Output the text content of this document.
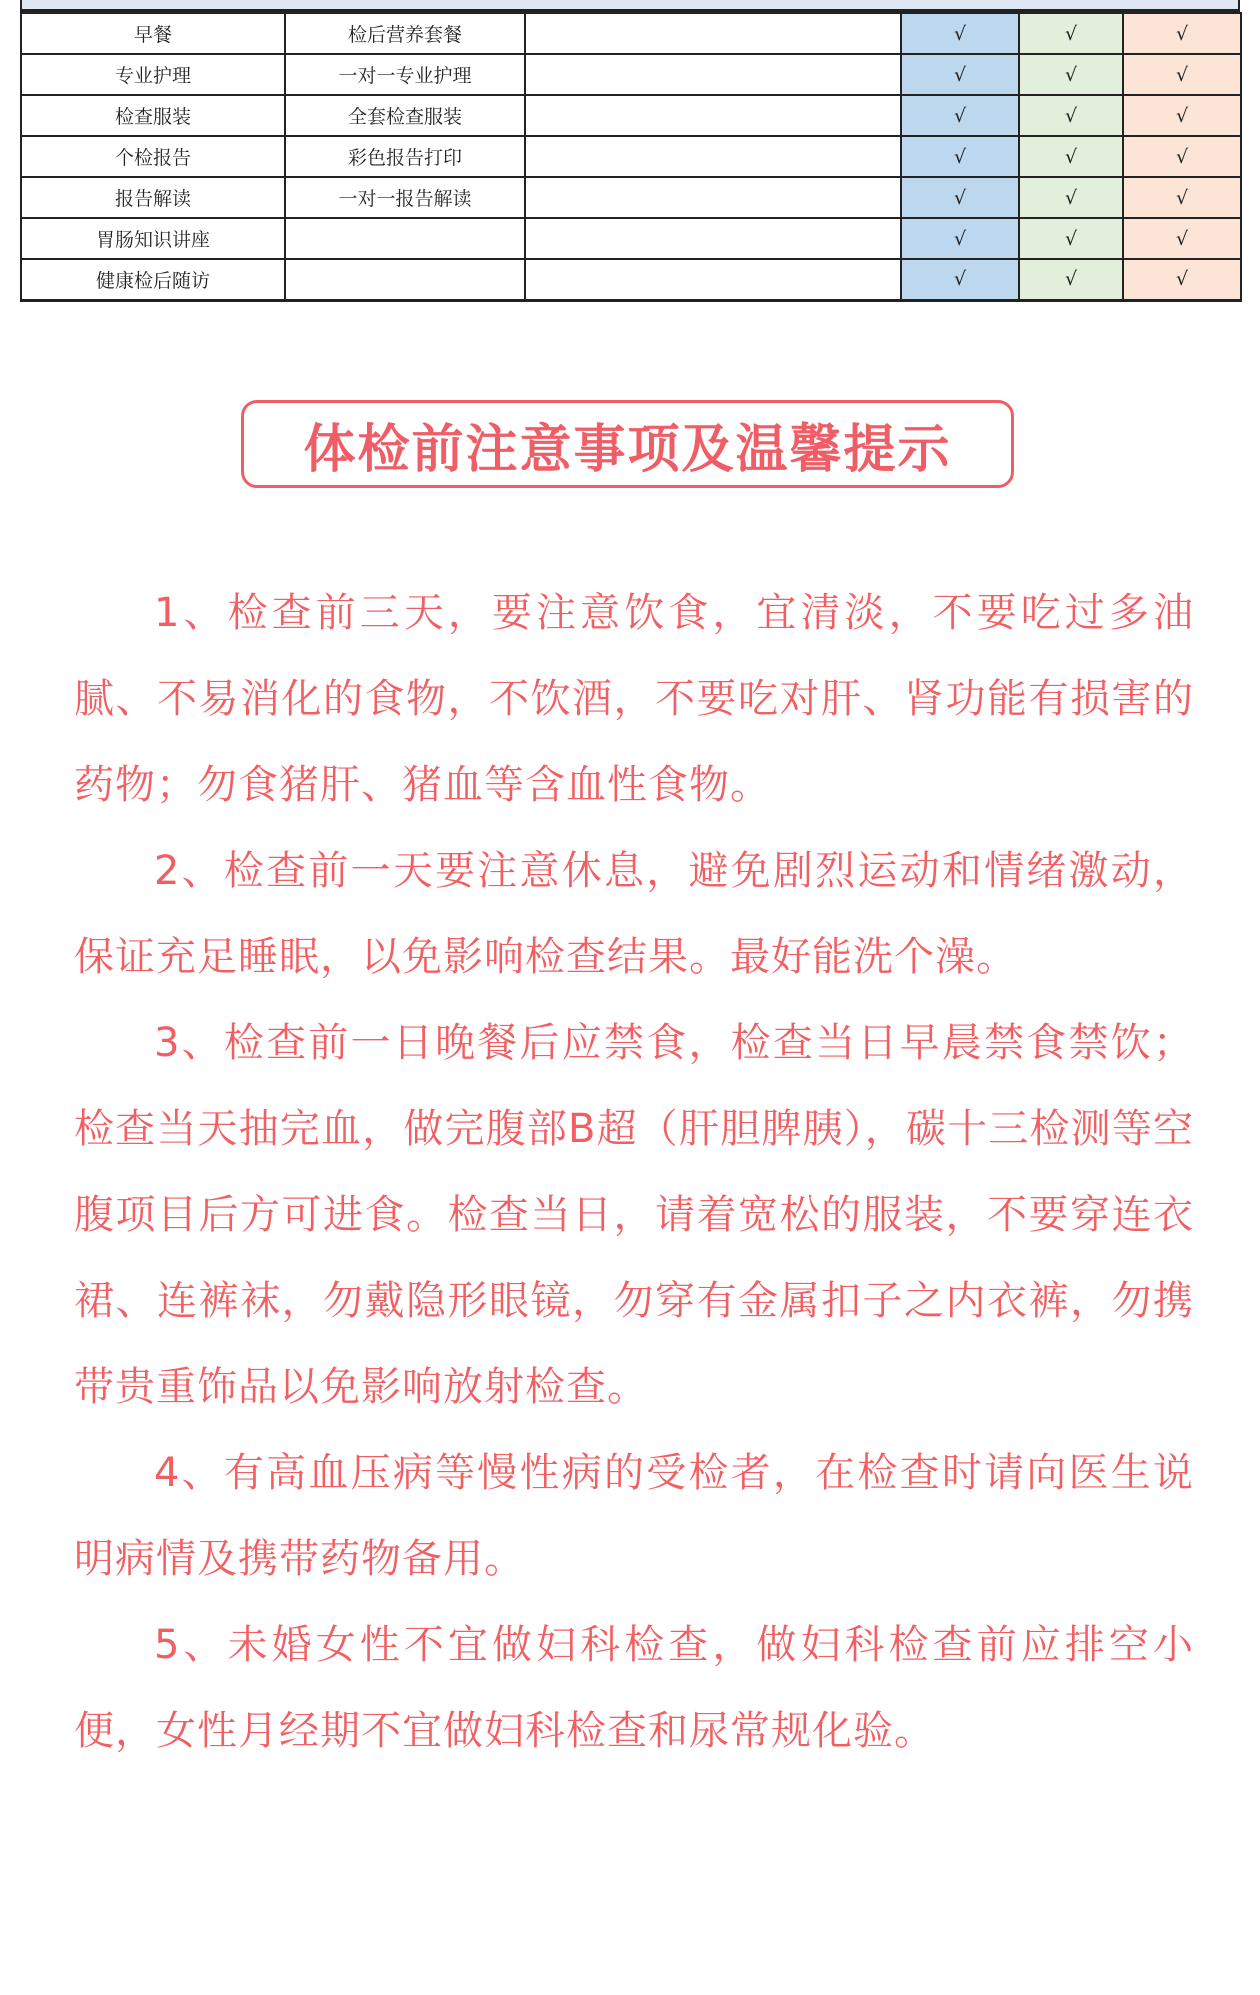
早餐	检后营养套餐		√	√	√
专业护理	一对一专业护理		√	√	√
检查服装	全套检查服装		√	√	√
个检报告	彩色报告打印		√	√	√
报告解读	一对一报告解读		√	√	√
胃肠知识讲座			√	√	√
健康检后随访			√	√	√
体检前注意事项及温馨提示

1、检查前三天，要注意饮食，宜清淡，不要吃过多油腻、不易消化的食物，不饮酒，不要吃对肝、肾功能有损害的药物；勿食猪肝、猪血等含血性食物。

2、检查前一天要注意休息，避免剧烈运动和情绪激动，保证充足睡眠，以免影响检查结果。最好能洗个澡。

3、检查前一日晚餐后应禁食，检查当日早晨禁食禁饮；检查当天抽完血，做完腹部B超（肝胆脾胰），碳十三检测等空腹项目后方可进食。检查当日，请着宽松的服装，不要穿连衣裙、连裤袜，勿戴隐形眼镜，勿穿有金属扣子之内衣裤，勿携带贵重饰品以免影响放射检查。

4、有高血压病等慢性病的受检者，在检查时请向医生说明病情及携带药物备用。

5、未婚女性不宜做妇科检查，做妇科检查前应排空小便，女性月经期不宜做妇科检查和尿常规化验。
